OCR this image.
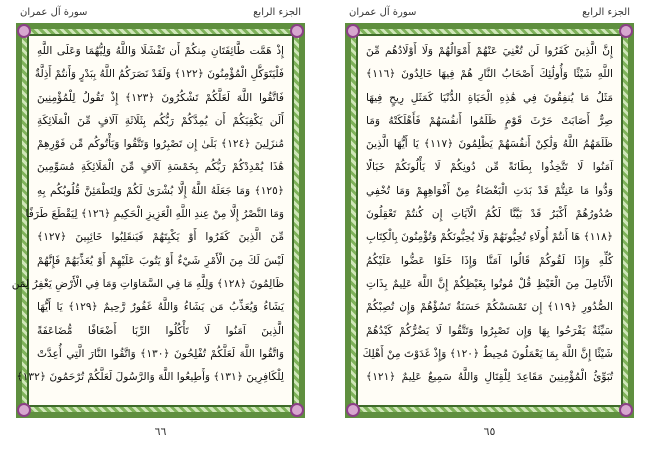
الجزء الرابع
سورة آل عمران
إِذْ هَمَّت طَّائِفَتَانِ مِنكُمْ أَن تَفْشَلَا وَاللَّهُ وَلِيُّهُمَا وَعَلَى اللَّهِ
فَلْيَتَوَكَّلِ الْمُؤْمِنُونَ ﴿١٢٢﴾ وَلَقَدْ نَصَرَكُمُ اللَّهُ بِبَدْرٍ وَأَنتُمْ أَذِلَّةٌ
فَاتَّقُوا اللَّهَ لَعَلَّكُمْ تَشْكُرُونَ ﴿١٢٣﴾ إِذْ تَقُولُ لِلْمُؤْمِنِينَ
أَلَن يَكْفِيَكُمْ أَن يُمِدَّكُمْ رَبُّكُم بِثَلَاثَةِ آلَافٍ مِّنَ الْمَلَائِكَةِ
مُنزَلِينَ ﴿١٢٤﴾ بَلَىٰ إِن تَصْبِرُوا وَتَتَّقُوا وَيَأْتُوكُم مِّن فَوْرِهِمْ
هَٰذَا يُمْدِدْكُمْ رَبُّكُم بِخَمْسَةِ آلَافٍ مِّنَ الْمَلَائِكَةِ مُسَوِّمِينَ
﴿١٢٥﴾ وَمَا جَعَلَهُ اللَّهُ إِلَّا بُشْرَىٰ لَكُمْ وَلِتَطْمَئِنَّ قُلُوبُكُم بِهِ
وَمَا النَّصْرُ إِلَّا مِنْ عِندِ اللَّهِ الْعَزِيزِ الْحَكِيمِ ﴿١٢٦﴾ لِيَقْطَعَ طَرَفًا
مِّنَ الَّذِينَ كَفَرُوا أَوْ يَكْبِتَهُمْ فَيَنقَلِبُوا خَائِبِينَ ﴿١٢٧﴾
لَيْسَ لَكَ مِنَ الْأَمْرِ شَيْءٌ أَوْ يَتُوبَ عَلَيْهِمْ أَوْ يُعَذِّبَهُمْ فَإِنَّهُمْ
ظَالِمُونَ ﴿١٢٨﴾ وَلِلَّهِ مَا فِي السَّمَاوَاتِ وَمَا فِي الْأَرْضِ يَغْفِرُ لِمَن
يَشَاءُ وَيُعَذِّبُ مَن يَشَاءُ وَاللَّهُ غَفُورٌ رَّحِيمٌ ﴿١٢٩﴾ يَا أَيُّهَا
الَّذِينَ آمَنُوا لَا تَأْكُلُوا الرِّبَا أَضْعَافًا مُّضَاعَفَةً
وَاتَّقُوا اللَّهَ لَعَلَّكُمْ تُفْلِحُونَ ﴿١٣٠﴾ وَاتَّقُوا النَّارَ الَّتِي أُعِدَّتْ
لِلْكَافِرِينَ ﴿١٣١﴾ وَأَطِيعُوا اللَّهَ وَالرَّسُولَ لَعَلَّكُمْ تُرْحَمُونَ ﴿١٣٢﴾
٦٦
الجزء الرابع
سورة آل عمران
إِنَّ الَّذِينَ كَفَرُوا لَن تُغْنِيَ عَنْهُمْ أَمْوَالُهُمْ وَلَا أَوْلَادُهُم مِّنَ
اللَّهِ شَيْئًا وَأُولَٰئِكَ أَصْحَابُ النَّارِ هُمْ فِيهَا خَالِدُونَ ﴿١١٦﴾
مَثَلُ مَا يُنفِقُونَ فِي هَٰذِهِ الْحَيَاةِ الدُّنْيَا كَمَثَلِ رِيحٍ فِيهَا
صِرٌّ أَصَابَتْ حَرْثَ قَوْمٍ ظَلَمُوا أَنفُسَهُمْ فَأَهْلَكَتْهُ وَمَا
ظَلَمَهُمُ اللَّهُ وَلَٰكِنْ أَنفُسَهُمْ يَظْلِمُونَ ﴿١١٧﴾ يَا أَيُّهَا الَّذِينَ
آمَنُوا لَا تَتَّخِذُوا بِطَانَةً مِّن دُونِكُمْ لَا يَأْلُونَكُمْ خَبَالًا
وَدُّوا مَا عَنِتُّمْ قَدْ بَدَتِ الْبَغْضَاءُ مِنْ أَفْوَاهِهِمْ وَمَا تُخْفِي
صُدُورُهُمْ أَكْبَرُ قَدْ بَيَّنَّا لَكُمُ الْآيَاتِ إِن كُنتُمْ تَعْقِلُونَ
﴿١١٨﴾ هَا أَنتُمْ أُولَاءِ تُحِبُّونَهُمْ وَلَا يُحِبُّونَكُمْ وَتُؤْمِنُونَ بِالْكِتَابِ
كُلِّهِ وَإِذَا لَقُوكُمْ قَالُوا آمَنَّا وَإِذَا خَلَوْا عَضُّوا عَلَيْكُمُ
الْأَنَامِلَ مِنَ الْغَيْظِ قُلْ مُوتُوا بِغَيْظِكُمْ إِنَّ اللَّهَ عَلِيمٌ بِذَاتِ
الصُّدُورِ ﴿١١٩﴾ إِن تَمْسَسْكُمْ حَسَنَةٌ تَسُؤْهُمْ وَإِن تُصِبْكُمْ
سَيِّئَةٌ يَفْرَحُوا بِهَا وَإِن تَصْبِرُوا وَتَتَّقُوا لَا يَضُرُّكُمْ كَيْدُهُمْ
شَيْئًا إِنَّ اللَّهَ بِمَا يَعْمَلُونَ مُحِيطٌ ﴿١٢٠﴾ وَإِذْ غَدَوْتَ مِنْ أَهْلِكَ
تُبَوِّئُ الْمُؤْمِنِينَ مَقَاعِدَ لِلْقِتَالِ وَاللَّهُ سَمِيعٌ عَلِيمٌ ﴿١٢١﴾
٦٥
